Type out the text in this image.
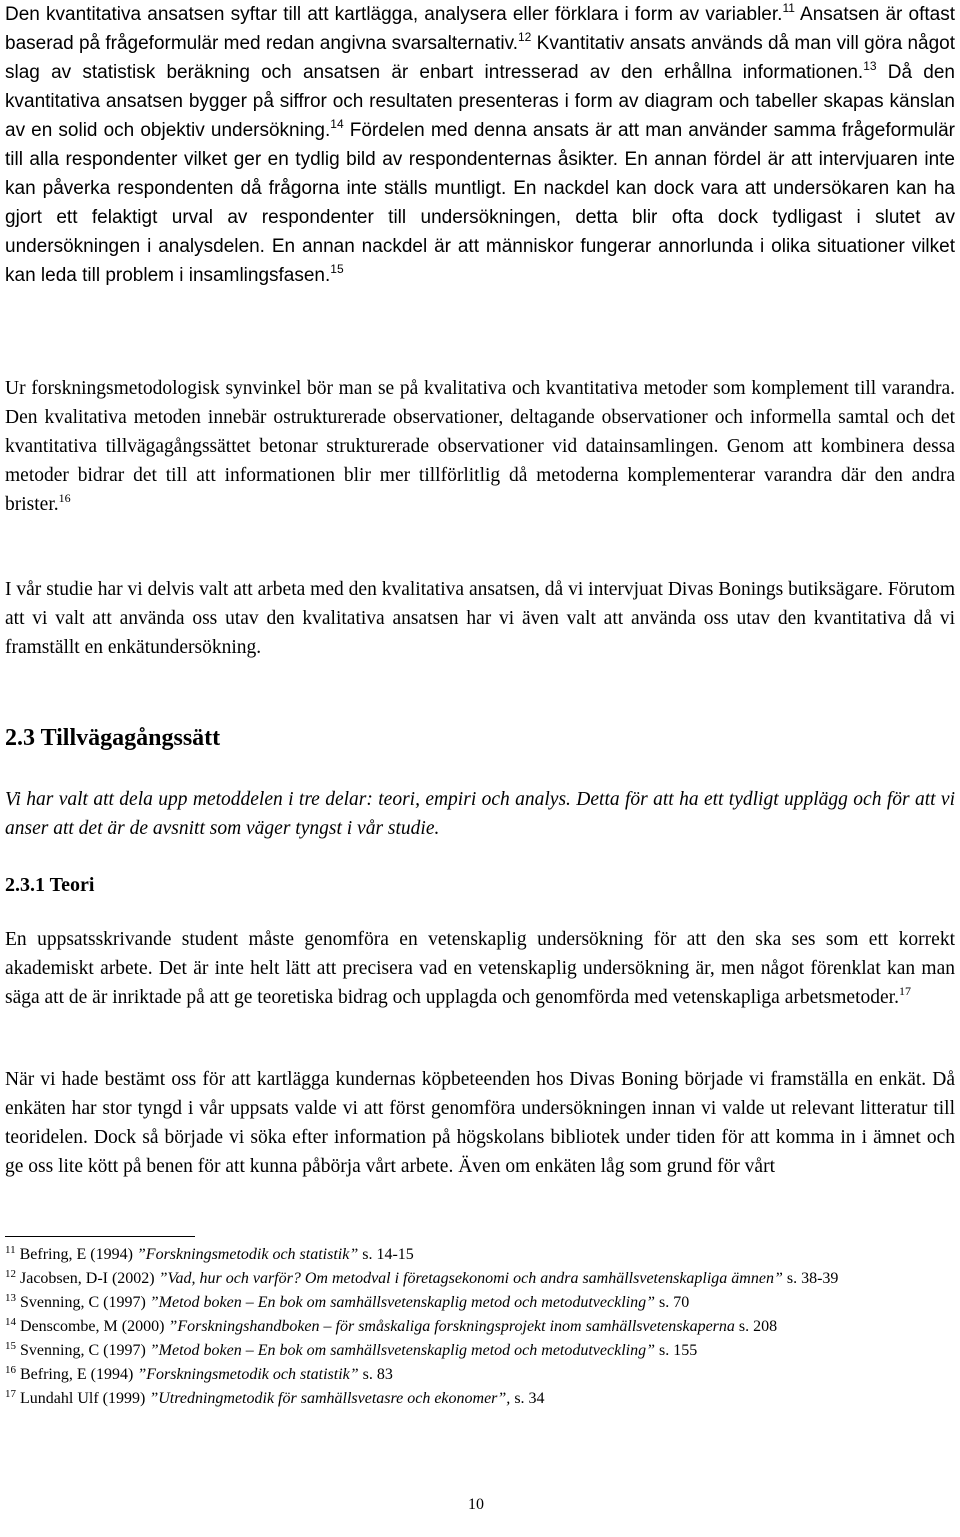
Den kvantitativa ansatsen syftar till att kartlägga, analysera eller förklara i form av variabler.$^{11}$ Ansatsen är oftast baserad på frågeformulär med redan angivna svarsalternativ.$^{12}$ Kvantitativ ansats används då man vill göra något slag av statistisk beräkning och ansatsen är enbart intresserad av den erhållna informationen.$^{13}$ Då den kvantitativa ansatsen bygger på siffror och resultaten presenteras i form av diagram och tabeller skapas känslan av en solid och objektiv undersökning.$^{14}$ Fördelen med denna ansats är att man använder samma frågeformulär till alla respondenter vilket ger en tydlig bild av respondenternas åsikter. En annan fördel är att intervjuaren inte kan påverka respondenten då frågorna inte ställs muntligt. En nackdel kan dock vara att undersökaren kan ha gjort ett felaktigt urval av respondenter till undersökningen, detta blir ofta dock tydligast i slutet av undersökningen i analysdelen. En annan nackdel är att människor fungerar annorlunda i olika situationer vilket kan leda till problem i insamlingsfasen.$^{15}$

Ur forskningsmetodologisk synvinkel bör man se på kvalitativa och kvantitativa metoder som komplement till varandra. Den kvalitativa metoden innebär ostrukturerade observationer, deltagande observationer och informella samtal och det kvantitativa tillvägagångssättet betonar strukturerade observationer vid datainsamlingen. Genom att kombinera dessa metoder bidrar det till att informationen blir mer tillförlitlig då metoderna komplementerar varandra där den andra brister.$^{16}$

I vår studie har vi delvis valt att arbeta med den kvalitativa ansatsen, då vi intervjuat Divas Bonings butiksägare. Förutom att vi valt att använda oss utav den kvalitativa ansatsen har vi även valt att använda oss utav den kvantitativa då vi framställt en enkätundersökning.

2.3 Tillvägagångssätt

Vi har valt att dela upp metoddelen i tre delar: teori, empiri och analys. Detta för att ha ett tydligt upplägg och för att vi anser att det är de avsnitt som väger tyngst i vår studie.

2.3.1 Teori

En uppsatsskrivande student måste genomföra en vetenskaplig undersökning för att den ska ses som ett korrekt akademiskt arbete. Det är inte helt lätt att precisera vad en vetenskaplig undersökning är, men något förenklat kan man säga att de är inriktade på att ge teoretiska bidrag och upplagda och genomförda med vetenskapliga arbetsmetoder.$^{17}$

När vi hade bestämt oss för att kartlägga kundernas köpbeteenden hos Divas Boning började vi framställa en enkät. Då enkäten har stor tyngd i vår uppsats valde vi att först genomföra undersökningen innan vi valde ut relevant litteratur till teoridelen. Dock så började vi söka efter information på högskolans bibliotek under tiden för att komma in i ämnet och ge oss lite kött på benen för att kunna påbörja vårt arbete. Även om enkäten låg som grund för vårt

$^{11}$ Befring, E (1994) ”Forskningsmetodik och statistik” s. 14-15
$^{12}$ Jacobsen, D-I (2002) ”Vad, hur och varför? Om metodval i företagsekonomi och andra samhällsvetenskapliga ämnen” s. 38-39
$^{13}$ Svenning, C (1997) ”Metod boken – En bok om samhällsvetenskaplig metod och metodutveckling” s. 70
$^{14}$ Denscombe, M (2000) ”Forskningshandboken – för småskaliga forskningsprojekt inom samhällsvetenskaperna s. 208
$^{15}$ Svenning, C (1997) ”Metod boken – En bok om samhällsvetenskaplig metod och metodutveckling” s. 155
$^{16}$ Befring, E (1994) ”Forskningsmetodik och statistik” s. 83
$^{17}$ Lundahl Ulf (1999) ”Utredningmetodik för samhällsvetasre och ekonomer”, s. 34
10
